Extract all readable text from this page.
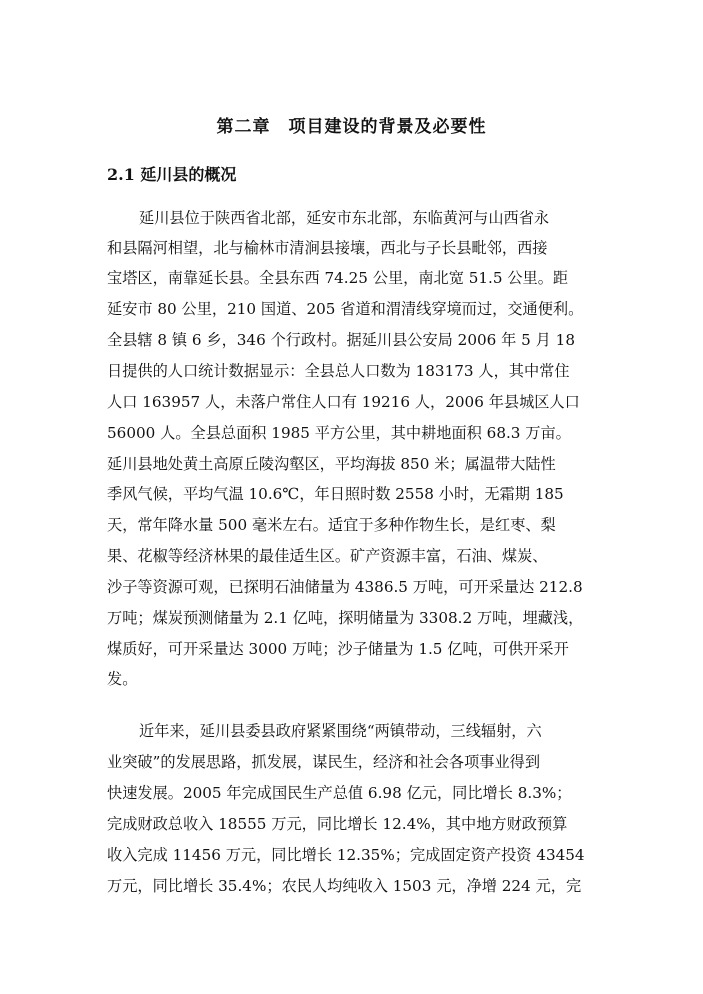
第二章　项目建设的背景及必要性
2.1 延川县的概况
延川县位于陕西省北部，延安市东北部，东临黄河与山西省永
和县隔河相望，北与榆林市清涧县接壤，西北与子长县毗邻，西接
宝塔区，南靠延长县。全县东西 74.25 公里，南北宽 51.5 公里。距
延安市 80 公里，210 国道、205 省道和渭清线穿境而过，交通便利。
全县辖 8 镇 6 乡，346 个行政村。据延川县公安局 2006 年 5 月 18
日提供的人口统计数据显示：全县总人口数为 183173 人，其中常住
人口 163957 人，未落户常住人口有 19216 人，2006 年县城区人口
56000 人。全县总面积 1985 平方公里，其中耕地面积 68.3 万亩。
延川县地处黄土高原丘陵沟壑区，平均海拔 850 米；属温带大陆性
季风气候，平均气温 10.6℃，年日照时数 2558 小时，无霜期 185
天，常年降水量 500 毫米左右。适宜于多种作物生长，是红枣、梨
果、花椒等经济林果的最佳适生区。矿产资源丰富，石油、煤炭、
沙子等资源可观，已探明石油储量为 4386.5 万吨，可开采量达 212.8
万吨；煤炭预测储量为 2.1 亿吨，探明储量为 3308.2 万吨，埋藏浅，
煤质好，可开采量达 3000 万吨；沙子储量为 1.5 亿吨，可供开采开
发。
近年来，延川县委县政府紧紧围绕“两镇带动，三线辐射，六
业突破”的发展思路，抓发展，谋民生，经济和社会各项事业得到
快速发展。2005 年完成国民生产总值 6.98 亿元，同比增长 8.3%；
完成财政总收入 18555 万元，同比增长 12.4%，其中地方财政预算
收入完成 11456 万元，同比增长 12.35%；完成固定资产投资 43454
万元，同比增长 35.4%；农民人均纯收入 1503 元，净增 224 元，完
